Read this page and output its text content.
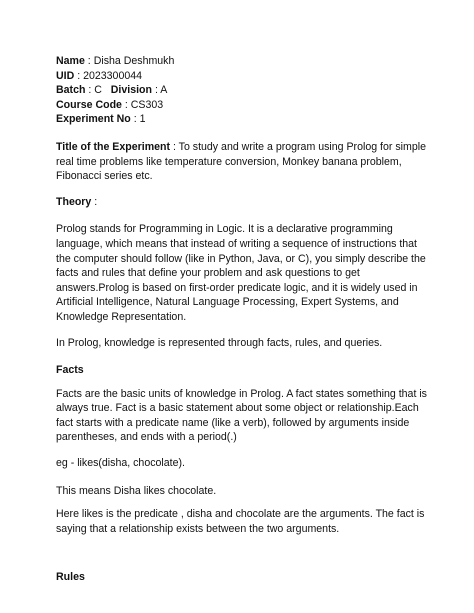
Name : Disha Deshmukh
UID : 2023300044
Batch : C Division : A
Course Code : CS303
Experiment No : 1

Title of the Experiment : To study and write a program using Prolog for simple real time problems like temperature conversion, Monkey banana problem, Fibonacci series etc.

Theory :

Prolog stands for Programming in Logic. It is a declarative programming language, which means that instead of writing a sequence of instructions that the computer should follow (like in Python, Java, or C), you simply describe the facts and rules that define your problem and ask questions to get answers.Prolog is based on first-order predicate logic, and it is widely used in Artificial Intelligence, Natural Language Processing, Expert Systems, and Knowledge Representation.

In Prolog, knowledge is represented through facts, rules, and queries.

Facts

Facts are the basic units of knowledge in Prolog. A fact states something that is always true. Fact is a basic statement about some object or relationship.Each fact starts with a predicate name (like a verb), followed by arguments inside parentheses, and ends with a period(.)

eg - likes(disha, chocolate).

This means Disha likes chocolate.

Here likes is the predicate , disha and chocolate are the arguments. The fact is saying that a relationship exists between the two arguments.

Rules
